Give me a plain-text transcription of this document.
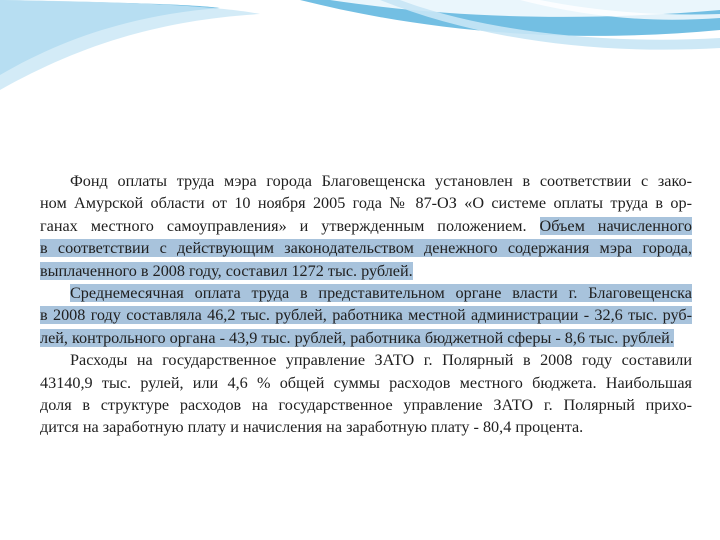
Фонд оплаты труда мэра города Благовещенска установлен в соответствии с зако-
ном Амурской области от 10 ноября 2005 года № 87-ОЗ «О системе оплаты труда в ор-
ганах местного самоуправления» и утвержденным положением. Объем начисленного
в соответствии с действующим законодательством денежного содержания мэра города,
выплаченного в 2008 году, составил 1272 тыс. рублей.
Среднемесячная оплата труда в представительном органе власти г. Благовещенска
в 2008 году составляла 46,2 тыс. рублей, работника местной администрации - 32,6 тыс. руб-
лей, контрольного органа - 43,9 тыс. рублей, работника бюджетной сферы - 8,6 тыс. рублей.
Расходы на государственное управление ЗАТО г. Полярный в 2008 году составили
43140,9 тыс. рулей, или 4,6 % общей суммы расходов местного бюджета. Наибольшая
доля в структуре расходов на государственное управление ЗАТО г. Полярный прихо-
дится на заработную плату и начисления на заработную плату - 80,4 процента.
